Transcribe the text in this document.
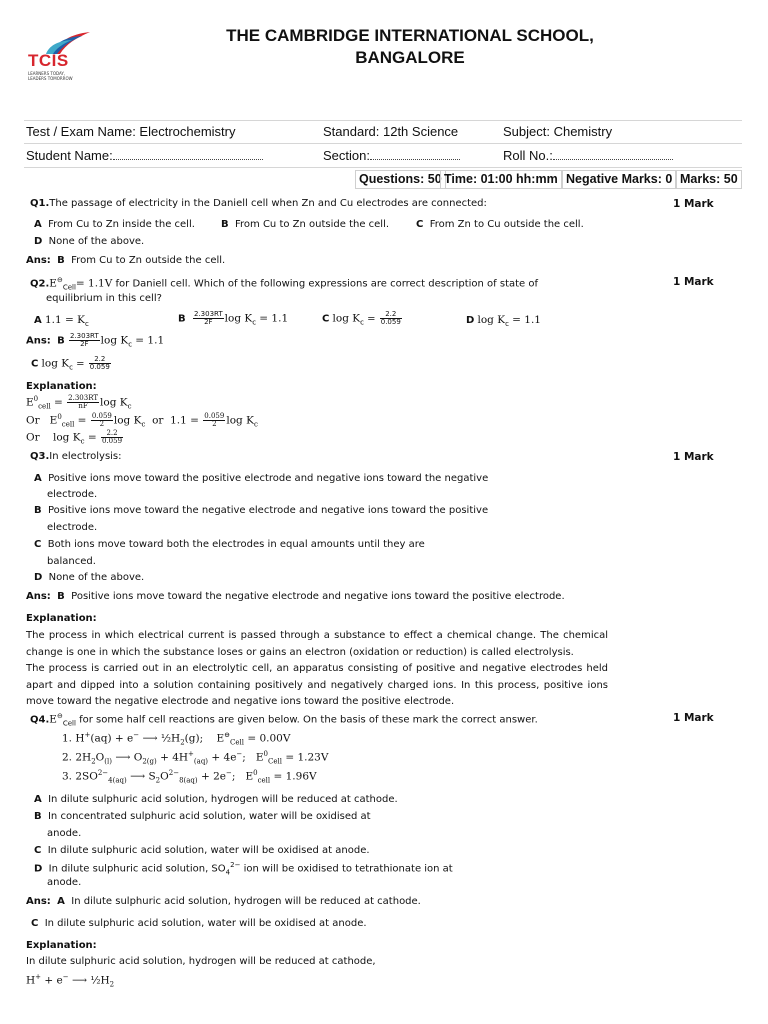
TCIS
LEARNERS TODAY,
LEADERS TOMORROW
THE CAMBRIDGE INTERNATIONAL SCHOOL,
BANGALORE
Test / Exam Name: Electrochemistry	Standard: 12th Science	Subject: Chemistry
Student Name:	Section:	Roll No.:
Questions: 50 Time: 01:00 hh:mm Negative Marks: 0 Marks: 50
Q1.The passage of electricity in the Daniell cell when Zn and Cu electrodes are connected:	1 Mark
A From Cu to Zn inside the cell.	B From Cu to Zn outside the cell.	C From Zn to Cu outside the cell.
D None of the above.
Ans: B From Cu to Zn outside the cell.
$Q2.E^⊖_{Cell}= 1.1V$ for Daniell cell. Which of the following expressions are correct description of state of
equilibrium in this cell?
1 Mark
A $1.1 = K_c$	B $\frac{2.303RT}{2F}$ $\log K_c = 1.1$	C $\log K_c = \frac{2.2}{0.059}$	D $\log K_c = 1.1$
Ans: B $\frac{2.303RT}{2F}$ $\log K_c = 1.1$
C $\log K_c = \frac{2.2}{0.059}$
Explanation:
$E^0_{cell} = \frac{2.303RT}{nF}$ $\log K_c$
Or   $E^0_{cell} = \frac{0.059}{2}$ $\log K_c$ or $1.1 = \frac{0.059}{2}$ $\log K_c$
Or $\log K_c = \frac{2.2}{0.059}$
Q3.In electrolysis:	1 Mark
A Positive ions move toward the positive electrode and negative ions toward the negative
electrode.
B Positive ions move toward the negative electrode and negative ions toward the positive
electrode.
C Both ions move toward both the electrodes in equal amounts until they are
balanced.
D None of the above.
Ans: B Positive ions move toward the negative electrode and negative ions toward the positive electrode.
Explanation:
The process in which electrical current is passed through a substance to effect a chemical change. The chemical change is one in which the substance loses or gains an electron (oxidation or reduction) is called electrolysis.
The process is carried out in an electrolytic cell, an apparatus consisting of positive and negative electrodes held apart and dipped into a solution containing positively and negatively charged ions. In this process, positive ions move toward the negative electrode and negative ions toward the positive electrode.
$Q4.E^⊖_{Cell}$ for some half cell reactions are given below. On the basis of these mark the correct answer.	1 Mark
1. H+(aq) + e− ⟶ $\frac{1}{2}H_2(g)$;    $E^⊖_{Cell} = 0.00V$
2. $2H_2O_{(l)}$ ⟶ $O_{2(g)} + 4H^+_{(aq)} + 4e^-$;   $E^0_{Cell} = 1.23V$
3. $2SO^{2-}_{4(aq)}$ ⟶ $S_2O^{2-}_{8(aq)} + 2e^-$;   $E^0_{cell} = 1.96V$
A In dilute sulphuric acid solution, hydrogen will be reduced at cathode.
B In concentrated sulphuric acid solution, water will be oxidised at
anode.
C In dilute sulphuric acid solution, water will be oxidised at anode.
D In dilute sulphuric acid solution, $SO_4^{2-}$ ion will be oxidised to tetrathionate ion at
anode.
Ans: A In dilute sulphuric acid solution, hydrogen will be reduced at cathode.
C In dilute sulphuric acid solution, water will be oxidised at anode.
Explanation:
In dilute sulphuric acid solution, hydrogen will be reduced at cathode,
H+ + e− ⟶ $\frac{1}{2}H_2$
